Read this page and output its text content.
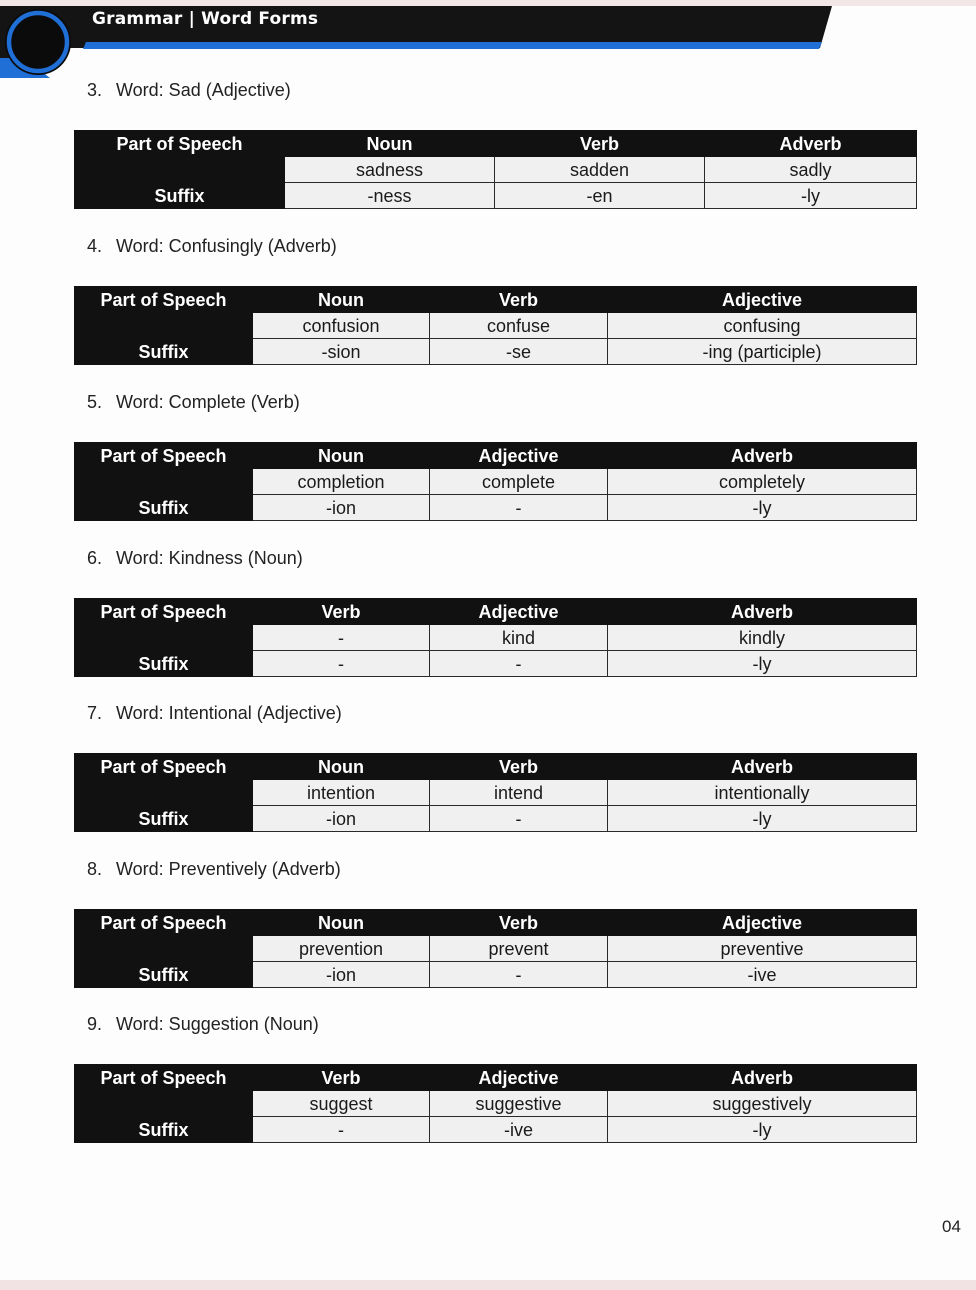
Grammar | Word Forms
3. Word: Sad (Adjective)
Part of Speech	Noun	Verb	Adverb
	sadness	sadden	sadly
Suffix	-ness	-en	-ly
4. Word: Confusingly (Adverb)
Part of Speech	Noun	Verb	Adjective
	confusion	confuse	confusing
Suffix	-sion	-se	-ing (participle)
5. Word: Complete (Verb)
Part of Speech	Noun	Adjective	Adverb
	completion	complete	completely
Suffix	-ion	-	-ly
6. Word: Kindness (Noun)
Part of Speech	Verb	Adjective	Adverb
	-	kind	kindly
Suffix	-	-	-ly
7. Word: Intentional (Adjective)
Part of Speech	Noun	Verb	Adverb
	intention	intend	intentionally
Suffix	-ion	-	-ly
8. Word: Preventively (Adverb)
Part of Speech	Noun	Verb	Adjective
	prevention	prevent	preventive
Suffix	-ion	-	-ive
9. Word: Suggestion (Noun)
Part of Speech	Verb	Adjective	Adverb
	suggest	suggestive	suggestively
Suffix	-	-ive	-ly
04
